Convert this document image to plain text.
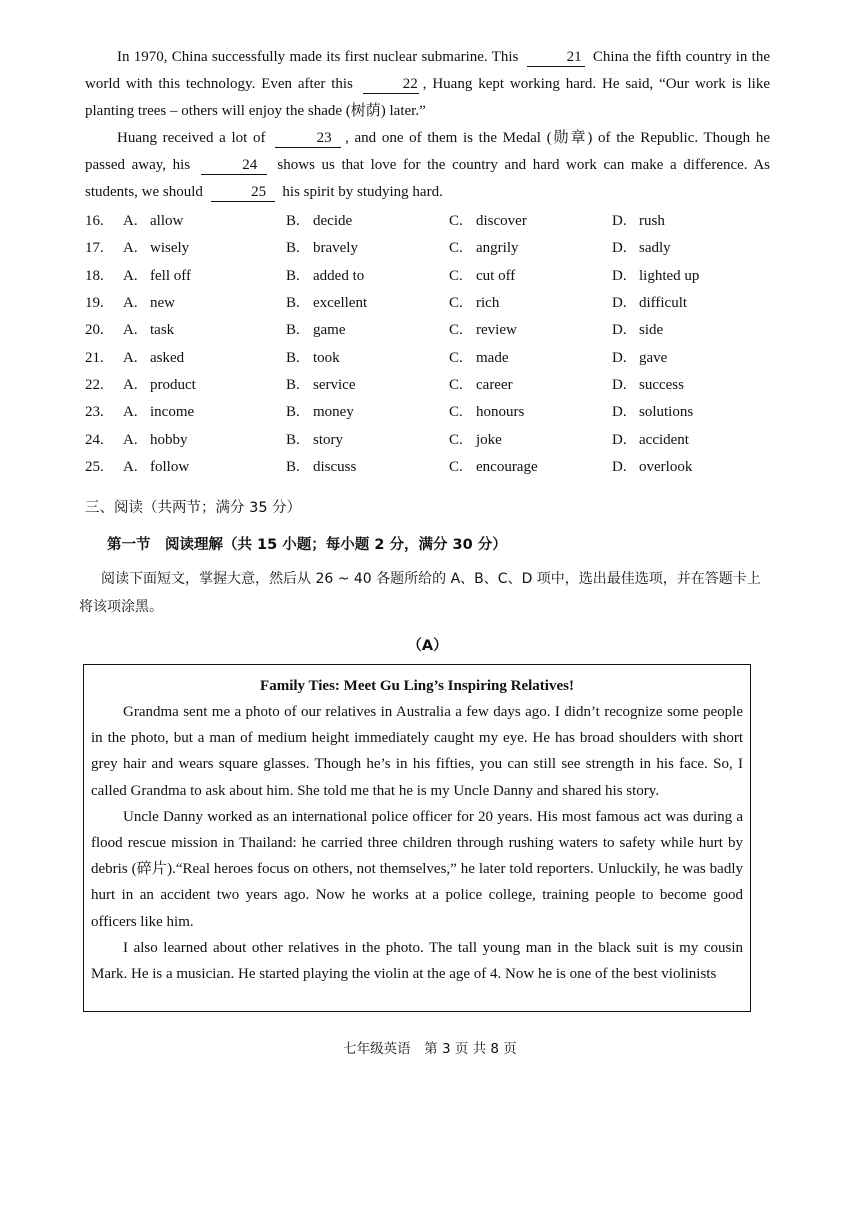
In 1970, China successfully made its first nuclear submarine. This	21 China the fifth country in the world with this technology. Even after this	22 , Huang kept working hard. He said, “Our work is like planting trees – others will enjoy the shade (树荫) later.”

Huang received a lot of	23 , and one of them is the Medal (勋章) of the Republic. Though he passed away, his	24 shows us that love for the country and hard work can make a difference. As students, we should	25 his spirit by studying hard.

16.	A. allow	B. decide	C. discover	D. rush
17.	A. wisely	B. bravely	C. angrily	D. sadly
18.	A. fell off	B. added to	C. cut off	D. lighted up
19.	A. new	B. excellent	C. rich	D. difficult
20.	A. task	B. game	C. review	D. side
21.	A. asked	B. took	C. made	D. gave
22.	A. product	B. service	C. career	D. success
23.	A. income	B. money	C. honours	D. solutions
24.	A. hobby	B. story	C. joke	D. accident
25.	A. follow	B. discuss	C. encourage	D. overlook
三、阅读（共两节；满分 35 分）
第一节　阅读理解（共 15 小题；每小题 2 分，满分 30 分）
阅读下面短文，掌握大意，然后从 26 ~ 40 各题所给的 A、B、C、D 项中，选出最佳选项，并在答题卡上将该项涂黑。
（A）
Family Ties: Meet Gu Ling’s Inspiring Relatives!

Grandma sent me a photo of our relatives in Australia a few days ago. I didn’t recognize some people in the photo, but a man of medium height immediately caught my eye. He has broad shoulders with short grey hair and wears square glasses. Though he’s in his fifties, you can still see strength in his face. So, I called Grandma to ask about him. She told me that he is my Uncle Danny and shared his story.

Uncle Danny worked as an international police officer for 20 years. His most famous act was during a flood rescue mission in Thailand: he carried three children through rushing waters to safety while hurt by debris (碎片).“Real heroes focus on others, not themselves,” he later told reporters. Unluckily, he was badly hurt in an accident two years ago. Now he works at a police college, training people to become good officers like him.

I also learned about other relatives in the photo. The tall young man in the black suit is my cousin Mark. He is a musician. He started playing the violin at the age of 4. Now he is one of the best violinists

七年级英语　第 3 页 共 8 页
